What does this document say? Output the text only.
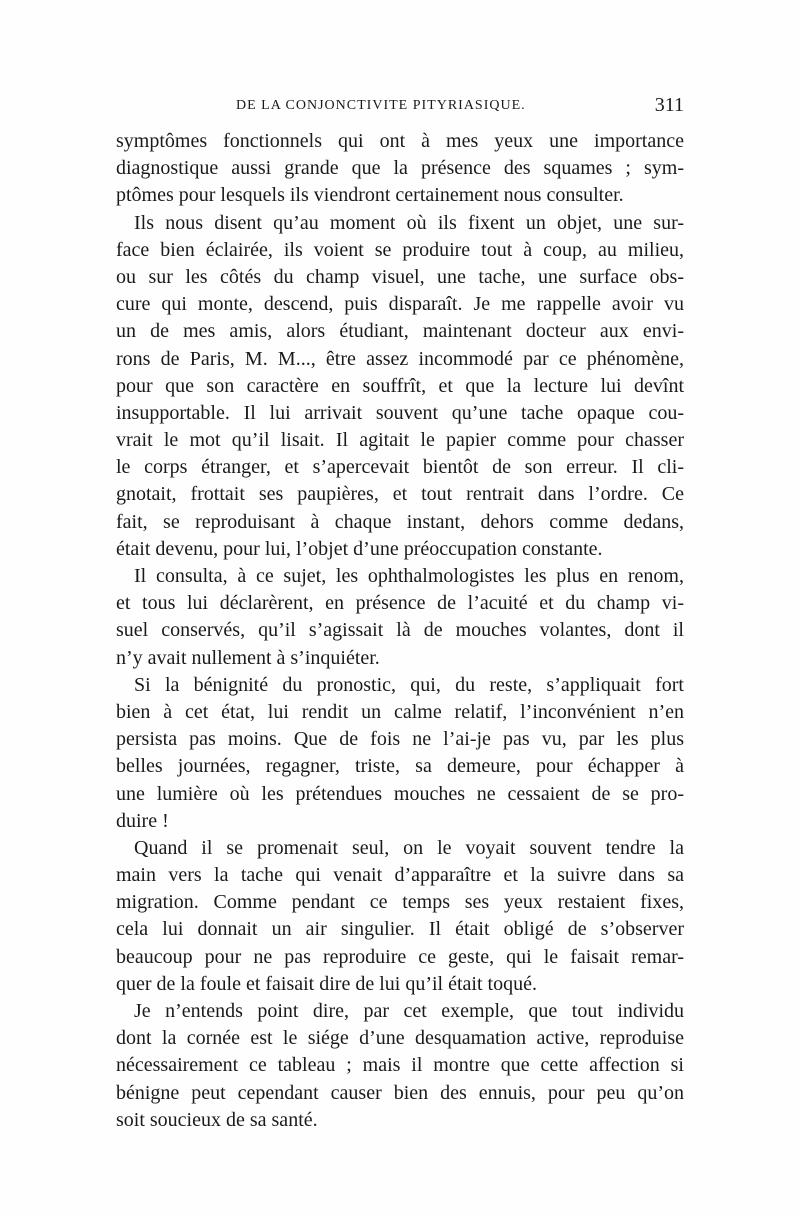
DE LA CONJONCTIVITE PITYRIASIQUE.	311
symptômes fonctionnels qui ont à mes yeux une importance
diagnostique aussi grande que la présence des squames ; sym-
ptômes pour lesquels ils viendront certainement nous consulter.
Ils nous disent qu’au moment où ils fixent un objet, une sur-
face bien éclairée, ils voient se produire tout à coup, au milieu,
ou sur les côtés du champ visuel, une tache, une surface obs-
cure qui monte, descend, puis disparaît. Je me rappelle avoir vu
un de mes amis, alors étudiant, maintenant docteur aux envi-
rons de Paris, M. M..., être assez incommodé par ce phénomène,
pour que son caractère en souffrît, et que la lecture lui devînt
insupportable. Il lui arrivait souvent qu’une tache opaque cou-
vrait le mot qu’il lisait. Il agitait le papier comme pour chasser
le corps étranger, et s’apercevait bientôt de son erreur. Il cli-
gnotait, frottait ses paupières, et tout rentrait dans l’ordre. Ce
fait, se reproduisant à chaque instant, dehors comme dedans,
était devenu, pour lui, l’objet d’une préoccupation constante.
Il consulta, à ce sujet, les ophthalmologistes les plus en renom,
et tous lui déclarèrent, en présence de l’acuité et du champ vi-
suel conservés, qu’il s’agissait là de mouches volantes, dont il
n’y avait nullement à s’inquiéter.
Si la bénignité du pronostic, qui, du reste, s’appliquait fort
bien à cet état, lui rendit un calme relatif, l’inconvénient n’en
persista pas moins. Que de fois ne l’ai-je pas vu, par les plus
belles journées, regagner, triste, sa demeure, pour échapper à
une lumière où les prétendues mouches ne cessaient de se pro-
duire !
Quand il se promenait seul, on le voyait souvent tendre la
main vers la tache qui venait d’apparaître et la suivre dans sa
migration. Comme pendant ce temps ses yeux restaient fixes,
cela lui donnait un air singulier. Il était obligé de s’observer
beaucoup pour ne pas reproduire ce geste, qui le faisait remar-
quer de la foule et faisait dire de lui qu’il était toqué.
Je n’entends point dire, par cet exemple, que tout individu
dont la cornée est le siége d’une desquamation active, reproduise
nécessairement ce tableau ; mais il montre que cette affection si
bénigne peut cependant causer bien des ennuis, pour peu qu’on
soit soucieux de sa santé.
